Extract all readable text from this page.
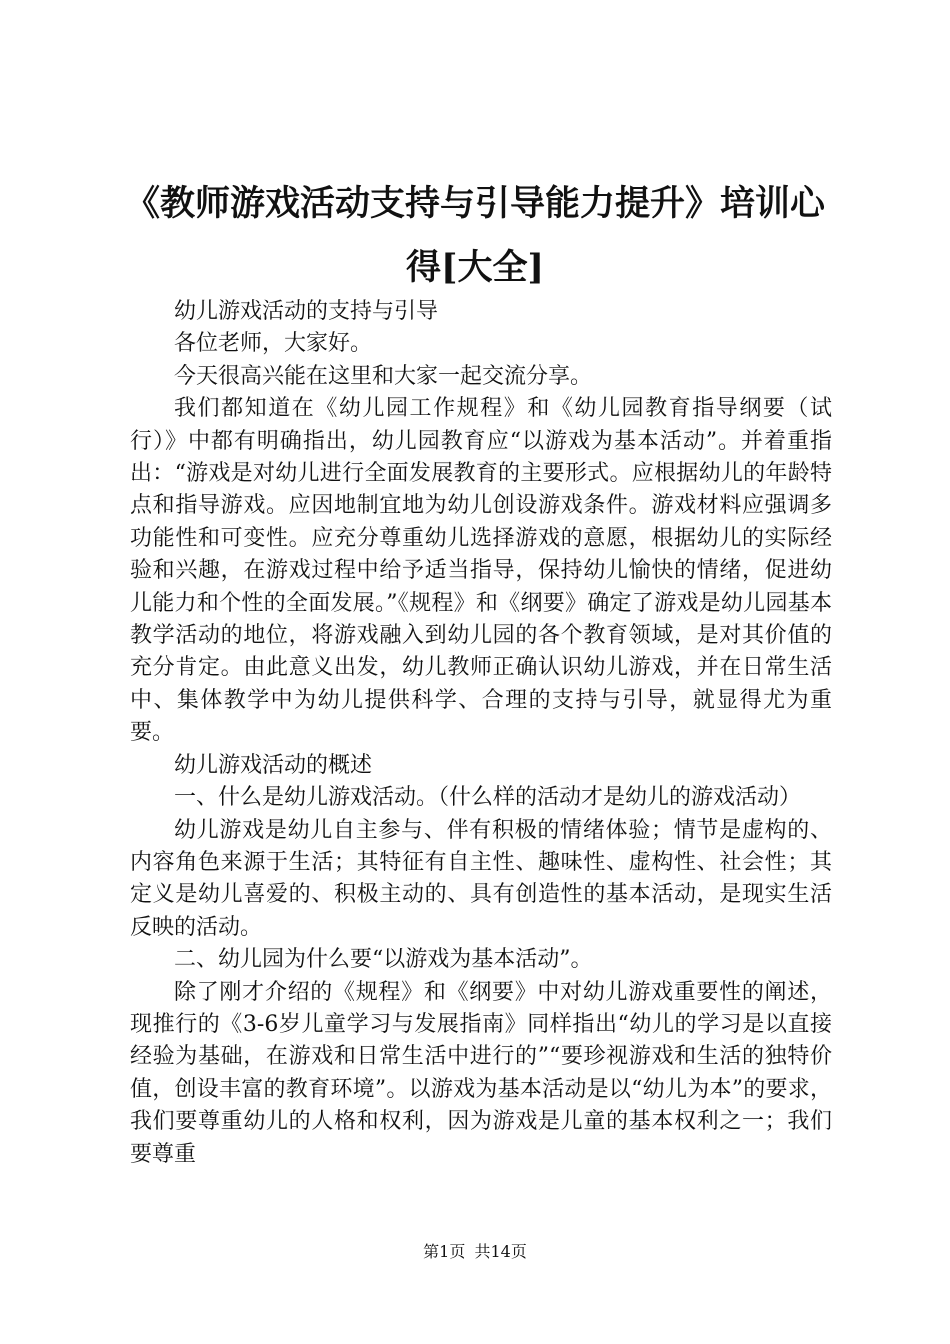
《教师游戏活动支持与引导能力提升》培训心得[大全]

幼儿游戏活动的支持与引导

各位老师，大家好。

今天很高兴能在这里和大家一起交流分享。

我们都知道在《幼儿园工作规程》和《幼儿园教育指导纲要（试行）》中都有明确指出，幼儿园教育应“以游戏为基本活动”。并着重指出：“游戏是对幼儿进行全面发展教育的主要形式。应根据幼儿的年龄特点和指导游戏。应因地制宜地为幼儿创设游戏条件。游戏材料应强调多功能性和可变性。应充分尊重幼儿选择游戏的意愿，根据幼儿的实际经验和兴趣，在游戏过程中给予适当指导，保持幼儿愉快的情绪，促进幼儿能力和个性的全面发展。”《规程》和《纲要》确定了游戏是幼儿园基本教学活动的地位，将游戏融入到幼儿园的各个教育领域，是对其价值的充分肯定。由此意义出发，幼儿教师正确认识幼儿游戏，并在日常生活中、集体教学中为幼儿提供科学、合理的支持与引导，就显得尤为重要。

幼儿游戏活动的概述

一、什么是幼儿游戏活动。（什么样的活动才是幼儿的游戏活动）

幼儿游戏是幼儿自主参与、伴有积极的情绪体验；情节是虚构的、内容角色来源于生活；其特征有自主性、趣味性、虚构性、社会性；其定义是幼儿喜爱的、积极主动的、具有创造性的基本活动，是现实生活反映的活动。

二、幼儿园为什么要“以游戏为基本活动”。

除了刚才介绍的《规程》和《纲要》中对幼儿游戏重要性的阐述，现推行的《3-6岁儿童学习与发展指南》同样指出“幼儿的学习是以直接经验为基础，在游戏和日常生活中进行的”“要珍视游戏和生活的独特价值，创设丰富的教育环境”。以游戏为基本活动是以“幼儿为本”的要求，我们要尊重幼儿的人格和权利，因为游戏是儿童的基本权利之一；我们要尊重

第1页 共14页
